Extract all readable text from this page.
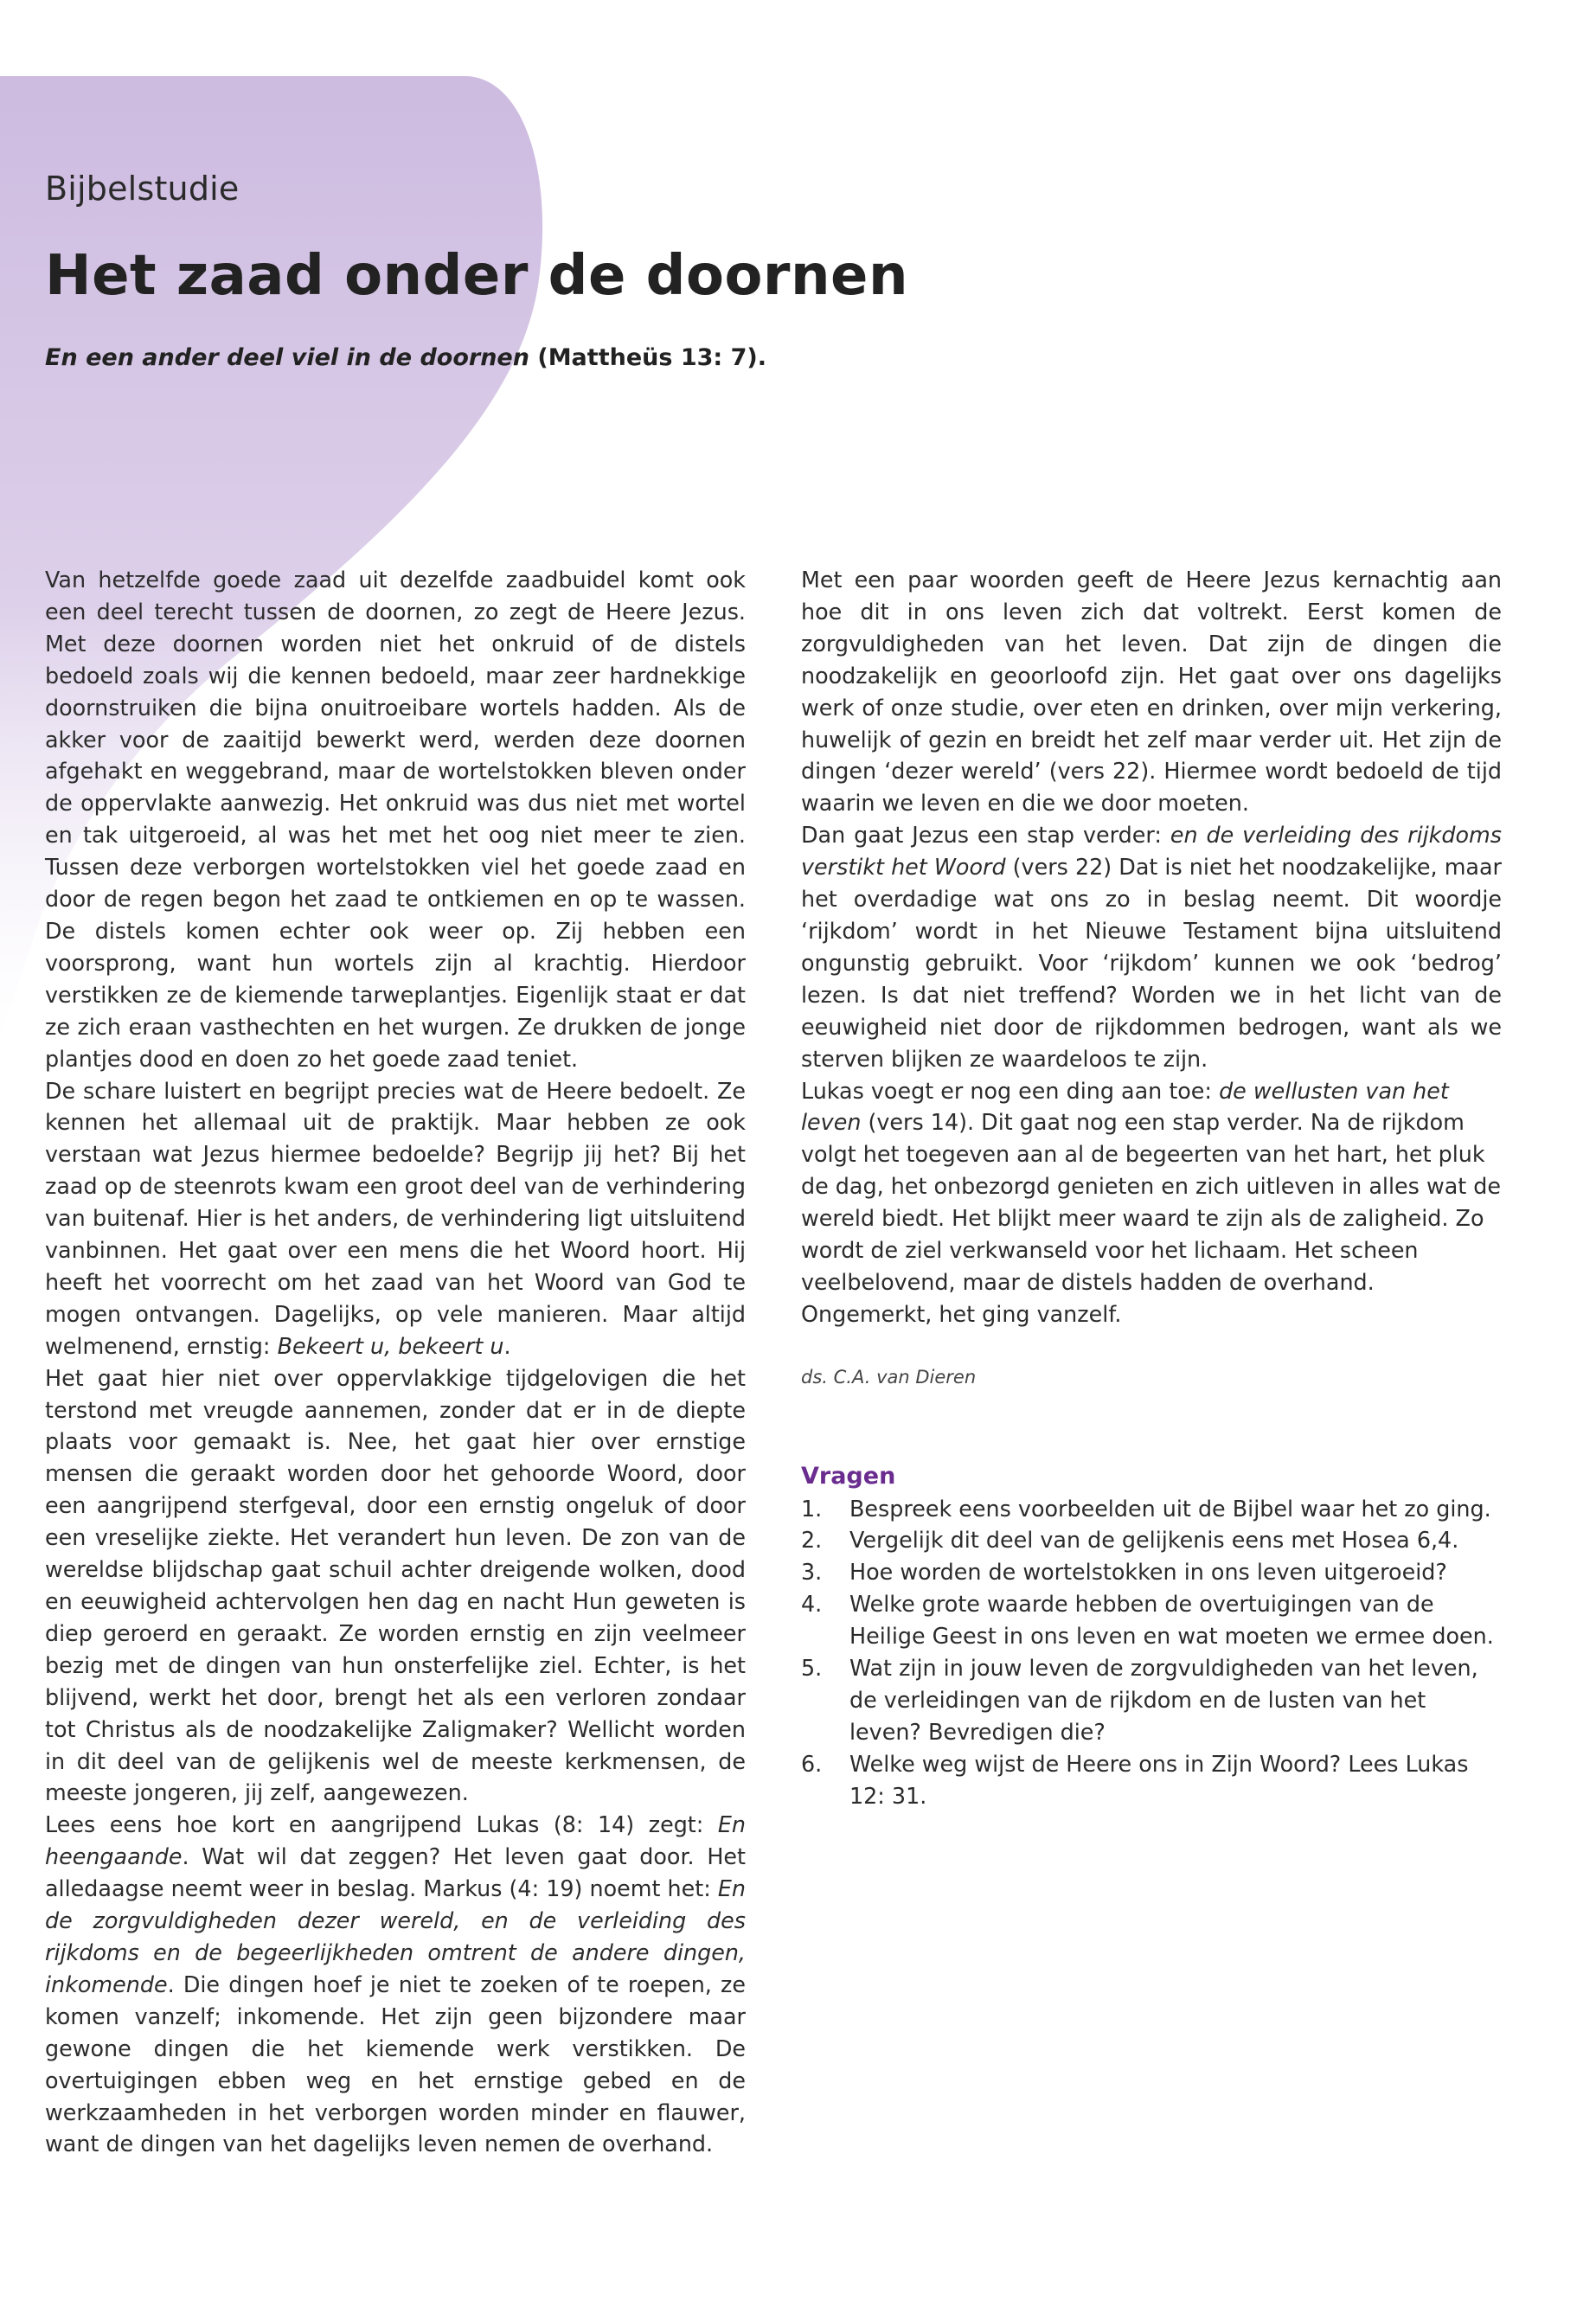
Bijbelstudie
Het zaad onder de doornen
En een ander deel viel in de doornen (Mattheüs 13: 7).

Van hetzelfde goede zaad uit dezelfde zaadbuidel komt ook een deel terecht tussen de doornen, zo zegt de Heere Jezus. Met deze doornen worden niet het onkruid of de distels bedoeld zoals wij die kennen bedoeld, maar zeer hardnekkige doornstruiken die bijna onuitroeibare wortels hadden. Als de akker voor de zaaitijd bewerkt werd, werden deze doornen afgehakt en weggebrand, maar de wortelstokken bleven onder de oppervlakte aanwezig. Het onkruid was dus niet met wortel en tak uitgeroeid, al was het met het oog niet meer te zien. Tussen deze verborgen wortelstokken viel het goede zaad en door de regen begon het zaad te ontkiemen en op te wassen. De distels komen echter ook weer op. Zij hebben een voorsprong, want hun wortels zijn al krachtig. Hierdoor verstikken ze de kiemende tarweplantjes. Eigenlijk staat er dat ze zich eraan vasthechten en het wurgen. Ze drukken de jonge plantjes dood en doen zo het goede zaad teniet.

De schare luistert en begrijpt precies wat de Heere bedoelt. Ze kennen het allemaal uit de praktijk. Maar hebben ze ook verstaan wat Jezus hiermee bedoelde? Begrijp jij het? Bij het zaad op de steenrots kwam een groot deel van de verhindering van buitenaf. Hier is het anders, de verhindering ligt uitsluitend vanbinnen. Het gaat over een mens die het Woord hoort. Hij heeft het voorrecht om het zaad van het Woord van God te mogen ontvangen. Dagelijks, op vele manieren. Maar altijd welmenend, ernstig: Bekeert u, bekeert u.

Het gaat hier niet over oppervlakkige tijdgelovigen die het terstond met vreugde aannemen, zonder dat er in de diepte plaats voor gemaakt is. Nee, het gaat hier over ernstige mensen die geraakt worden door het gehoorde Woord, door een aangrijpend sterfgeval, door een ernstig ongeluk of door een vreselijke ziekte. Het verandert hun leven. De zon van de wereldse blijdschap gaat schuil achter dreigende wolken, dood en eeuwigheid achtervolgen hen dag en nacht Hun geweten is diep geroerd en geraakt. Ze worden ernstig en zijn veelmeer bezig met de dingen van hun onsterfelijke ziel. Echter, is het blijvend, werkt het door, brengt het als een verloren zondaar tot Christus als de noodzakelijke Zaligmaker? Wellicht worden in dit deel van de gelijkenis wel de meeste kerkmensen, de meeste jongeren, jij zelf, aangewezen.

Lees eens hoe kort en aangrijpend Lukas (8: 14) zegt: En heengaande. Wat wil dat zeggen? Het leven gaat door. Het alledaagse neemt weer in beslag. Markus (4: 19) noemt het: En de zorgvuldigheden dezer wereld, en de verleiding des rijkdoms en de begeerlijkheden omtrent de andere dingen, inkomende. Die dingen hoef je niet te zoeken of te roepen, ze komen vanzelf; inkomende. Het zijn geen bijzondere maar gewone dingen die het kiemende werk verstikken. De overtuigingen ebben weg en het ernstige gebed en de werkzaamheden in het verborgen worden minder en flauwer, want de dingen van het dagelijks leven nemen de overhand.

Met een paar woorden geeft de Heere Jezus kernachtig aan hoe dit in ons leven zich dat voltrekt. Eerst komen de zorgvuldigheden van het leven. Dat zijn de dingen die noodzakelijk en geoorloofd zijn. Het gaat over ons dagelijks werk of onze studie, over eten en drinken, over mijn verkering, huwelijk of gezin en breidt het zelf maar verder uit. Het zijn de dingen ‘dezer wereld’ (vers 22). Hiermee wordt bedoeld de tijd waarin we leven en die we door moeten.

Dan gaat Jezus een stap verder: en de verleiding des rijkdoms verstikt het Woord (vers 22) Dat is niet het noodzakelijke, maar het overdadige wat ons zo in beslag neemt. Dit woordje ‘rijkdom’ wordt in het Nieuwe Testament bijna uitsluitend ongunstig gebruikt. Voor ‘rijkdom’ kunnen we ook ‘bedrog’ lezen. Is dat niet treffend? Worden we in het licht van de eeuwigheid niet door de rijkdommen bedrogen, want als we sterven blijken ze waardeloos te zijn.

Lukas voegt er nog een ding aan toe: de wellusten van het leven (vers 14). Dit gaat nog een stap verder. Na de rijkdom volgt het toegeven aan al de begeerten van het hart, het pluk de dag, het onbezorgd genieten en zich uitleven in alles wat de wereld biedt. Het blijkt meer waard te zijn als de zaligheid. Zo wordt de ziel verkwanseld voor het lichaam. Het scheen veelbelovend, maar de distels hadden de overhand. Ongemerkt, het ging vanzelf.

ds. C.A. van Dieren

Vragen
1. Bespreek eens voorbeelden uit de Bijbel waar het zo ging.
2. Vergelijk dit deel van de gelijkenis eens met Hosea 6,4.
3. Hoe worden de wortelstokken in ons leven uitgeroeid?
4. Welke grote waarde hebben de overtuigingen van de Heilige Geest in ons leven en wat moeten we ermee doen.
5. Wat zijn in jouw leven de zorgvuldigheden van het leven, de verleidingen van de rijkdom en de lusten van het leven? Bevredigen die?
6. Welke weg wijst de Heere ons in Zijn Woord? Lees Lukas 12: 31.
